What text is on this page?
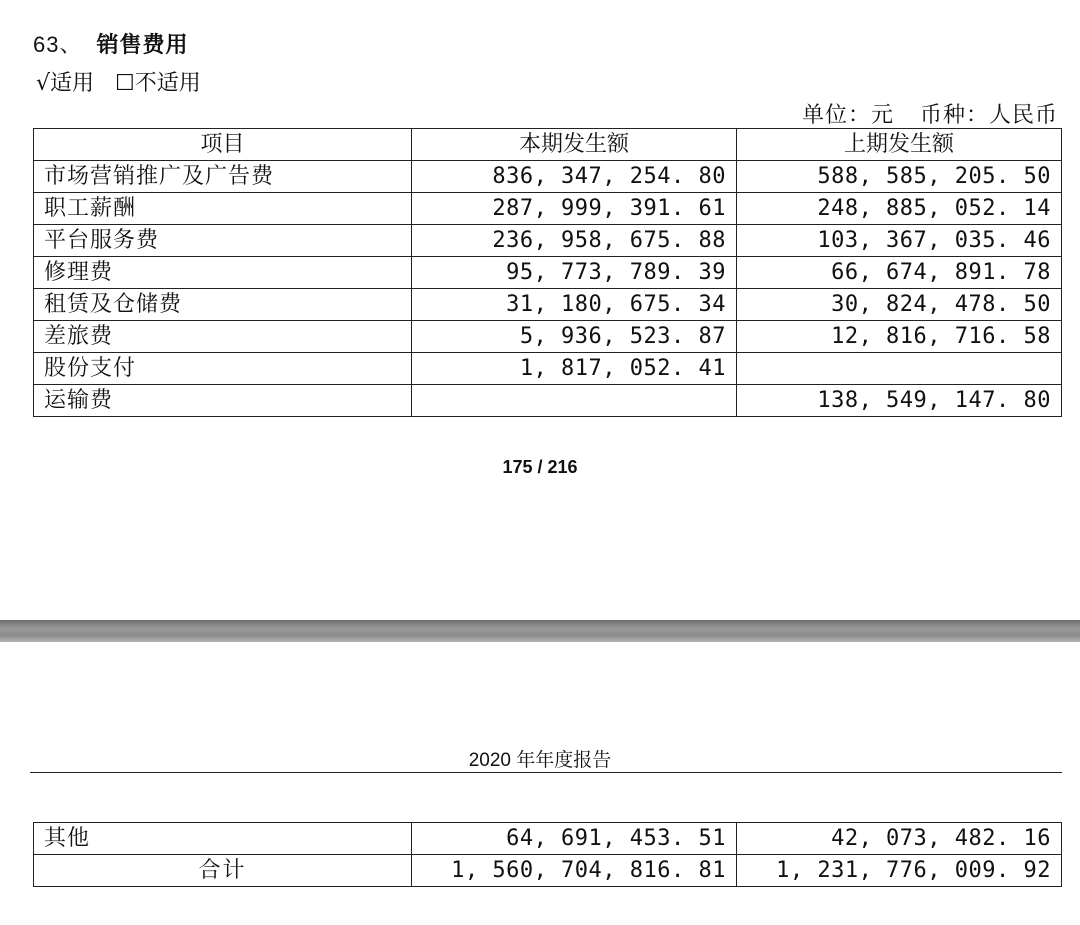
63、 销售费用
√适用 ☐不适用
单位：元 币种：人民币
项目	本期发生额	上期发生额
市场营销推广及广告费	836, 347, 254. 80	588, 585, 205. 50
职工薪酬	287, 999, 391. 61	248, 885, 052. 14
平台服务费	236, 958, 675. 88	103, 367, 035. 46
修理费	95, 773, 789. 39	66, 674, 891. 78
租赁及仓储费	31, 180, 675. 34	30, 824, 478. 50
差旅费	5, 936, 523. 87	12, 816, 716. 58
股份支付	1, 817, 052. 41	
运输费		138, 549, 147. 80
175 / 216
2020 年年度报告
其他	64, 691, 453. 51	42, 073, 482. 16
合计	1, 560, 704, 816. 81	1, 231, 776, 009. 92
